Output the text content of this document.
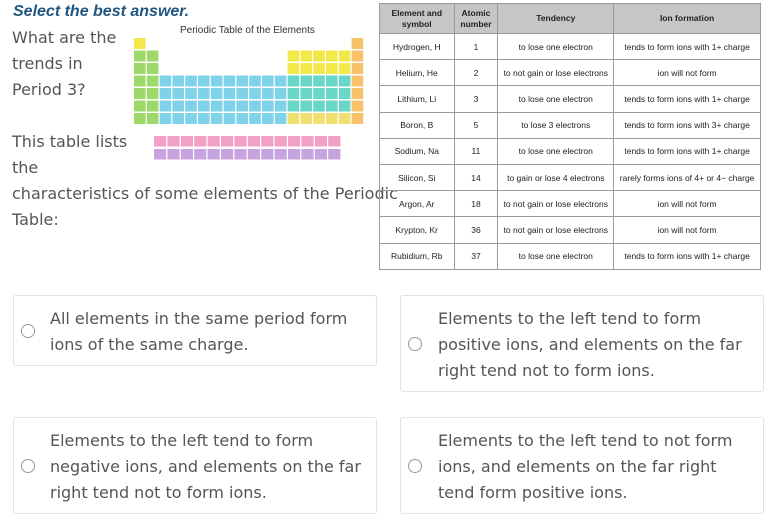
Select the best answer.
What are the
trends in
Period 3?
This table lists
the
characteristics of some elements of the Periodic
Table:
Periodic Table of the Elements
Element and symbol	Atomic number	Tendency	Ion formation
Hydrogen, H	1	to lose one electron	tends to form ions with 1+ charge
Helium, He	2	to not gain or lose electrons	ion will not form
Lithium, Li	3	to lose one electron	tends to form ions with 1+ charge
Boron, B	5	to lose 3 electrons	tends to form ions with 3+ charge
Sodium, Na	11	to lose one electron	tends to form ions with 1+ charge
Silicon, Si	14	to gain or lose 4 electrons	rarely forms ions of 4+ or 4− charge
Argon, Ar	18	to not gain or lose electrons	ion will not form
Krypton, Kr	36	to not gain or lose electrons	ion will not form
Rubidium, Rb	37	to lose one electron	tends to form ions with 1+ charge
All elements in the same period form
ions of the same charge.
Elements to the left tend to form
positive ions, and elements on the far
right tend not to form ions.
Elements to the left tend to form
negative ions, and elements on the far
right tend not to form ions.
Elements to the left tend to not form
ions, and elements on the far right
tend form positive ions.
